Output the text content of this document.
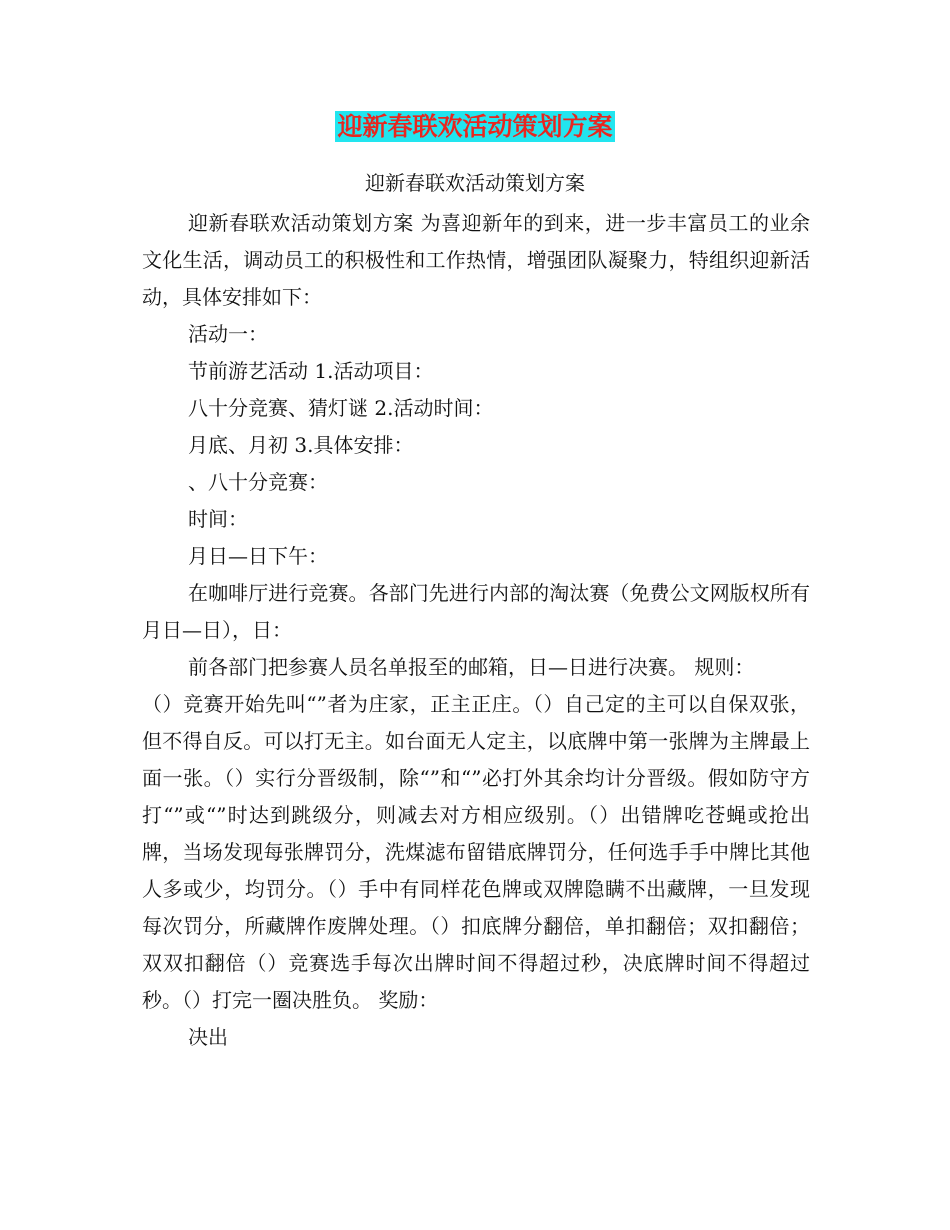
迎新春联欢活动策划方案
迎新春联欢活动策划方案

迎新春联欢活动策划方案 为喜迎新年的到来，进一步丰富员工的业余文化生活，调动员工的积极性和工作热情，增强团队凝聚力，特组织迎新活动，具体安排如下：

活动一：

节前游艺活动 1.活动项目：

八十分竞赛、猜灯谜 2.活动时间：

月底、月初 3.具体安排：

、八十分竞赛：

时间：

月日—日下午：

在咖啡厅进行竞赛。各部门先进行内部的淘汰赛（免费公文网版权所有月日—日），日：

前各部门把参赛人员名单报至的邮箱，日—日进行决赛。 规则：

（）竞赛开始先叫“”者为庄家，正主正庄。（）自己定的主可以自保双张，但不得自反。可以打无主。如台面无人定主，以底牌中第一张牌为主牌最上面一张。（）实行分晋级制，除“”和“”必打外其余均计分晋级。假如防守方打“”或“”时达到跳级分，则减去对方相应级别。（）出错牌吃苍蝇或抢出牌，当场发现每张牌罚分，洗煤滤布留错底牌罚分，任何选手手中牌比其他人多或少，均罚分。（）手中有同样花色牌或双牌隐瞒不出藏牌，一旦发现每次罚分，所藏牌作废牌处理。（）扣底牌分翻倍，单扣翻倍；双扣翻倍；双双扣翻倍（）竞赛选手每次出牌时间不得超过秒，决底牌时间不得超过秒。（）打完一圈决胜负。 奖励：

决出
